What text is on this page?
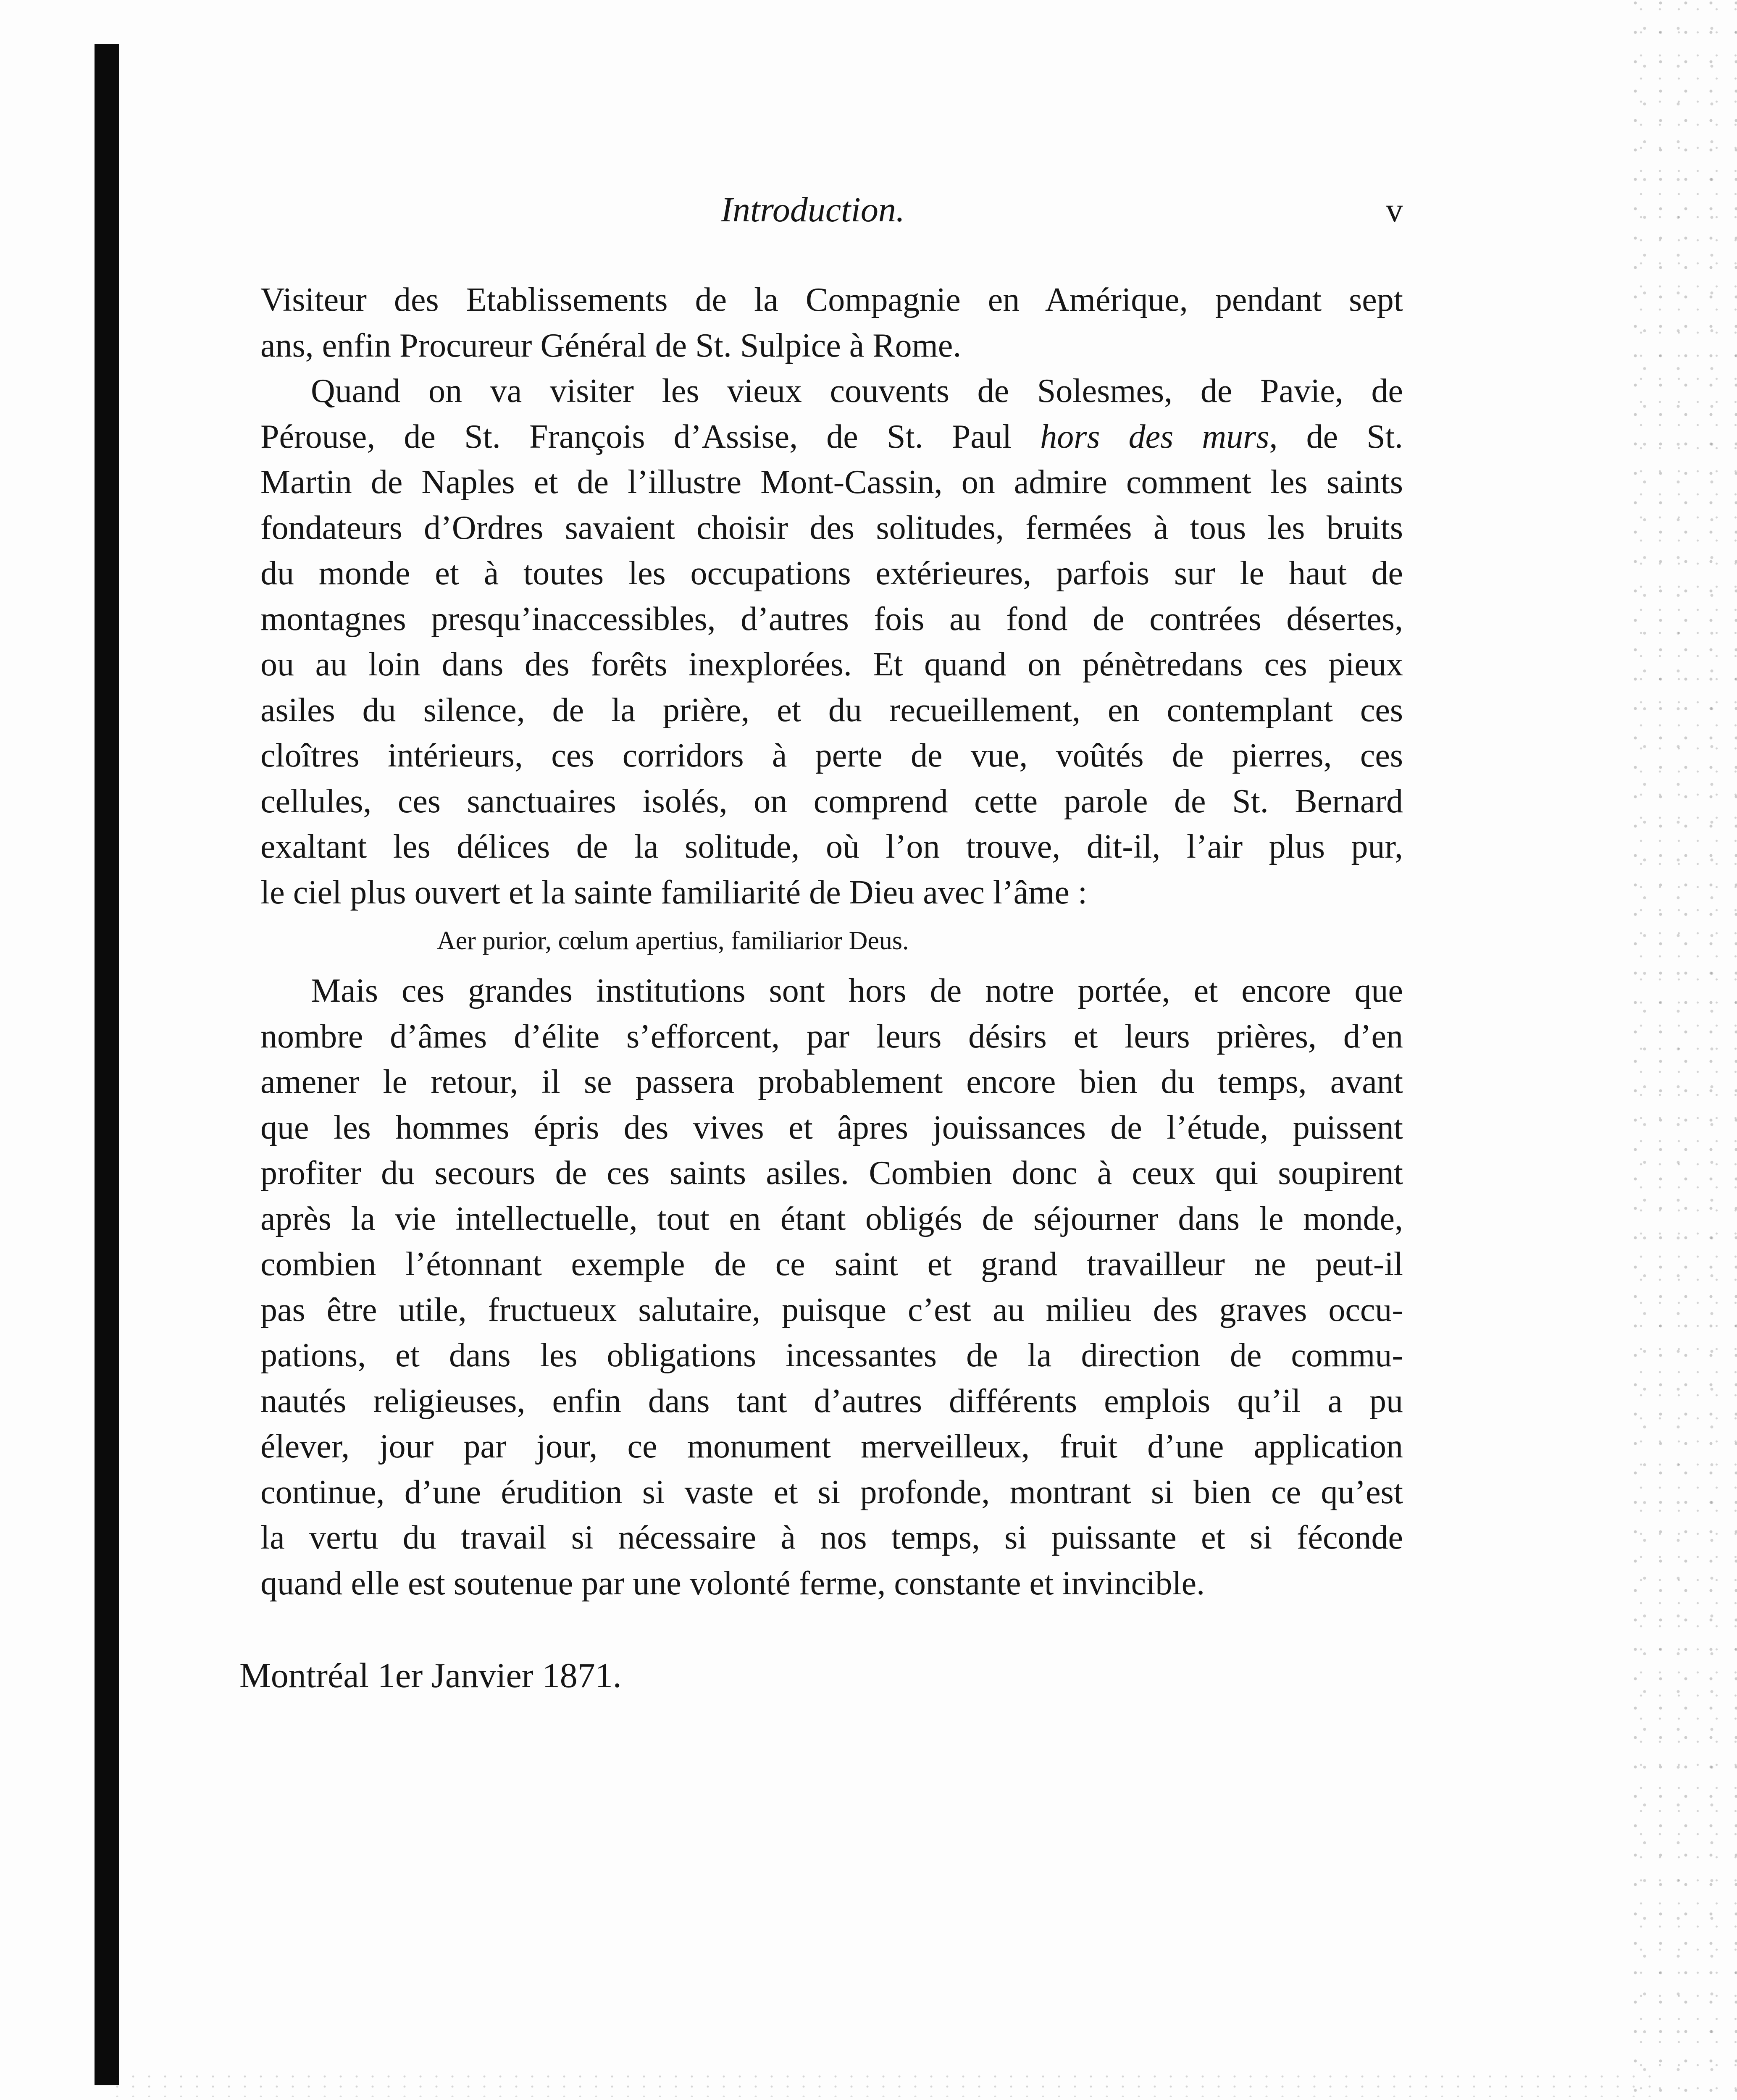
Introduction.	v
Visiteur des Etablissements de la Compagnie en Amérique, pendant sept
ans, enfin Procureur Général de St. Sulpice à Rome.
Quand on va visiter les vieux couvents de Solesmes, de Pavie, de
Pérouse, de St. François d’Assise, de St. Paul hors des murs, de St.
Martin de Naples et de l’illustre Mont-Cassin, on admire comment les saints
fondateurs d’Ordres savaient choisir des solitudes, fermées à tous les bruits
du monde et à toutes les occupations extérieures, parfois sur le haut de
montagnes presqu’inaccessibles, d’autres fois au fond de contrées désertes,
ou au loin dans des forêts inexplorées. Et quand on pénètredans ces pieux
asiles du silence, de la prière, et du recueillement, en contemplant ces
cloîtres intérieurs, ces corridors à perte de vue, voûtés de pierres, ces
cellules, ces sanctuaires isolés, on comprend cette parole de St. Bernard
exaltant les délices de la solitude, où l’on trouve, dit-il, l’air plus pur,
le ciel plus ouvert et la sainte familiarité de Dieu avec l’âme :
Aer purior, cœlum apertius, familiarior Deus.
Mais ces grandes institutions sont hors de notre portée, et encore que
nombre d’âmes d’élite s’efforcent, par leurs désirs et leurs prières, d’en
amener le retour, il se passera probablement encore bien du temps, avant
que les hommes épris des vives et âpres jouissances de l’étude, puissent
profiter du secours de ces saints asiles. Combien donc à ceux qui soupirent
après la vie intellectuelle, tout en étant obligés de séjourner dans le monde,
combien l’étonnant exemple de ce saint et grand travailleur ne peut-il
pas être utile, fructueux salutaire, puisque c’est au milieu des graves occu-
pations, et dans les obligations incessantes de la direction de commu-
nautés religieuses, enfin dans tant d’autres différents emplois qu’il a pu
élever, jour par jour, ce monument merveilleux, fruit d’une application
continue, d’une érudition si vaste et si profonde, montrant si bien ce qu’est
la vertu du travail si nécessaire à nos temps, si puissante et si féconde
quand elle est soutenue par une volonté ferme, constante et invincible.
Montréal 1er Janvier 1871.
